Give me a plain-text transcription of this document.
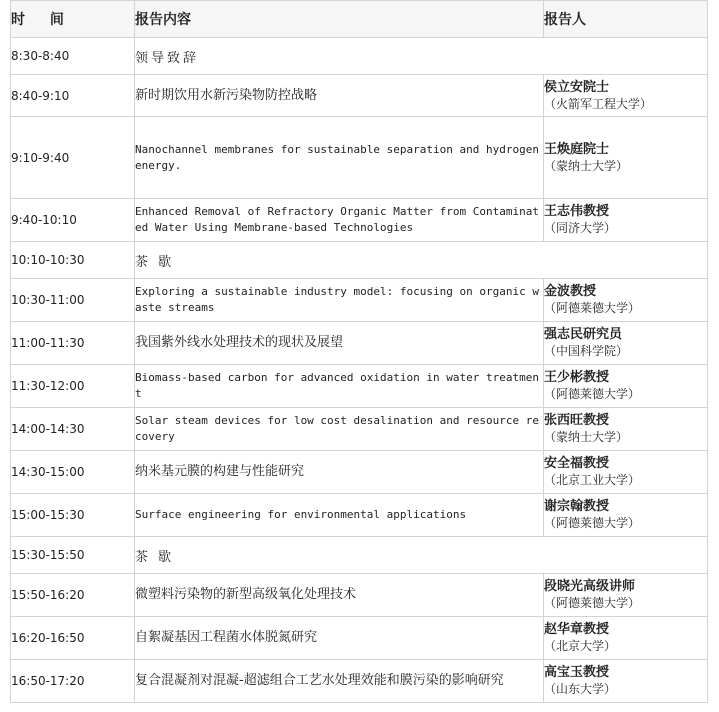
时 间	报告内容	报告人
8:30-8:40	领导致辞	
8:40-9:10	新时期饮用水新污染物防控战略	侯立安院士
（火箭军工程大学）

9:10-9:40	Nanochannel membranes for sustainable separation and hydrogen energy.	王焕庭院士
（蒙纳士大学）

9:40-10:10	Enhanced Removal of Refractory Organic Matter from Contaminated Water Using Membrane-based Technologies	王志伟教授
（同济大学）

10:10-10:30	茶 歇	
10:30-11:00	Exploring a sustainable industry model: focusing on organic waste streams	金波教授
（阿德莱德大学）

11:00-11:30	我国紫外线水处理技术的现状及展望	强志民研究员
（中国科学院）

11:30-12:00	Biomass-based carbon for advanced oxidation in water treatment	王少彬教授
（阿德莱德大学）

14:00-14:30	Solar steam devices for low cost desalination and resource recovery	张西旺教授
（蒙纳士大学）

14:30-15:00	纳米基元膜的构建与性能研究	安全福教授
（北京工业大学）

15:00-15:30	Surface engineering for environmental applications	谢宗翰教授
（阿德莱德大学）

15:30-15:50	茶 歇	
15:50-16:20	微塑料污染物的新型高级氧化处理技术	段晓光高级讲师
（阿德莱德大学）

16:20-16:50	自絮凝基因工程菌水体脱氮研究	赵华章教授
（北京大学）

16:50-17:20	复合混凝剂对混凝-超滤组合工艺水处理效能和膜污染的影响研究	高宝玉教授
（山东大学）
